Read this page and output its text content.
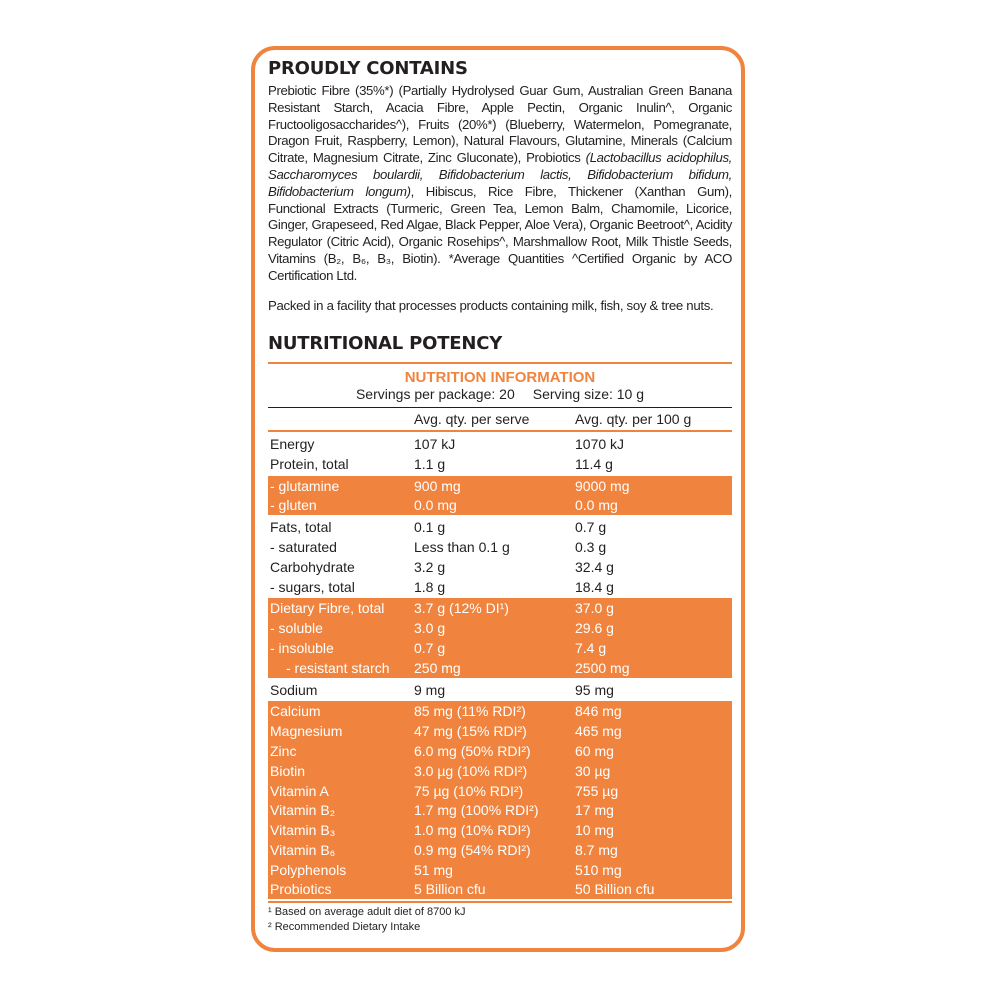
PROUDLY CONTAINS

Prebiotic Fibre (35%*) (Partially Hydrolysed Guar Gum, Australian Green Banana Resistant Starch, Acacia Fibre, Apple Pectin, Organic Inulin^, Organic Fructooligosaccharides^), Fruits (20%*) (Blueberry, Watermelon, Pomegranate, Dragon Fruit, Raspberry, Lemon), Natural Flavours, Glutamine, Minerals (Calcium Citrate, Magnesium Citrate, Zinc Gluconate), Probiotics (Lactobacillus acidophilus, Saccharomyces boulardii, Bifidobacterium lactis, Bifidobacterium bifidum, Bifidobacterium longum), Hibiscus, Rice Fibre, Thickener (Xanthan Gum), Functional Extracts (Turmeric, Green Tea, Lemon Balm, Chamomile, Licorice, Ginger, Grapeseed, Red Algae, Black Pepper, Aloe Vera), Organic Beetroot^, Acidity Regulator (Citric Acid), Organic Rosehips^, Marshmallow Root, Milk Thistle Seeds, Vitamins (B₂, B₆, B₃, Biotin). *Average Quantities ^Certified Organic by ACO Certification Ltd.

Packed in a facility that processes products containing milk, fish, soy & tree nuts.

NUTRITIONAL POTENCY
NUTRITION INFORMATION
Servings per package: 20 Serving size: 10 g
Avg. qty. per serve	Avg. qty. per 100 g
Energy	107 kJ	1070 kJ
Protein, total	1.1 g	11.4 g
- glutamine	900 mg	9000 mg
- gluten	0.0 mg	0.0 mg
Fats, total	0.1 g	0.7 g
- saturated	Less than 0.1 g	0.3 g
Carbohydrate	3.2 g	32.4 g
- sugars, total	1.8 g	18.4 g
Dietary Fibre, total	3.7 g (12% DI¹)	37.0 g
- soluble	3.0 g	29.6 g
- insoluble	0.7 g	7.4 g
- resistant starch	250 mg	2500 mg
Sodium	9 mg	95 mg
Calcium	85 mg (11% RDI²)	846 mg
Magnesium	47 mg (15% RDI²)	465 mg
Zinc	6.0 mg (50% RDI²)	60 mg
Biotin	3.0 µg (10% RDI²)	30 µg
Vitamin A	75 µg (10% RDI²)	755 µg
Vitamin B₂	1.7 mg (100% RDI²)	17 mg
Vitamin B₃	1.0 mg (10% RDI²)	10 mg
Vitamin B₆	0.9 mg (54% RDI²)	8.7 mg
Polyphenols	51 mg	510 mg
Probiotics	5 Billion cfu	50 Billion cfu
¹ Based on average adult diet of 8700 kJ
² Recommended Dietary Intake
